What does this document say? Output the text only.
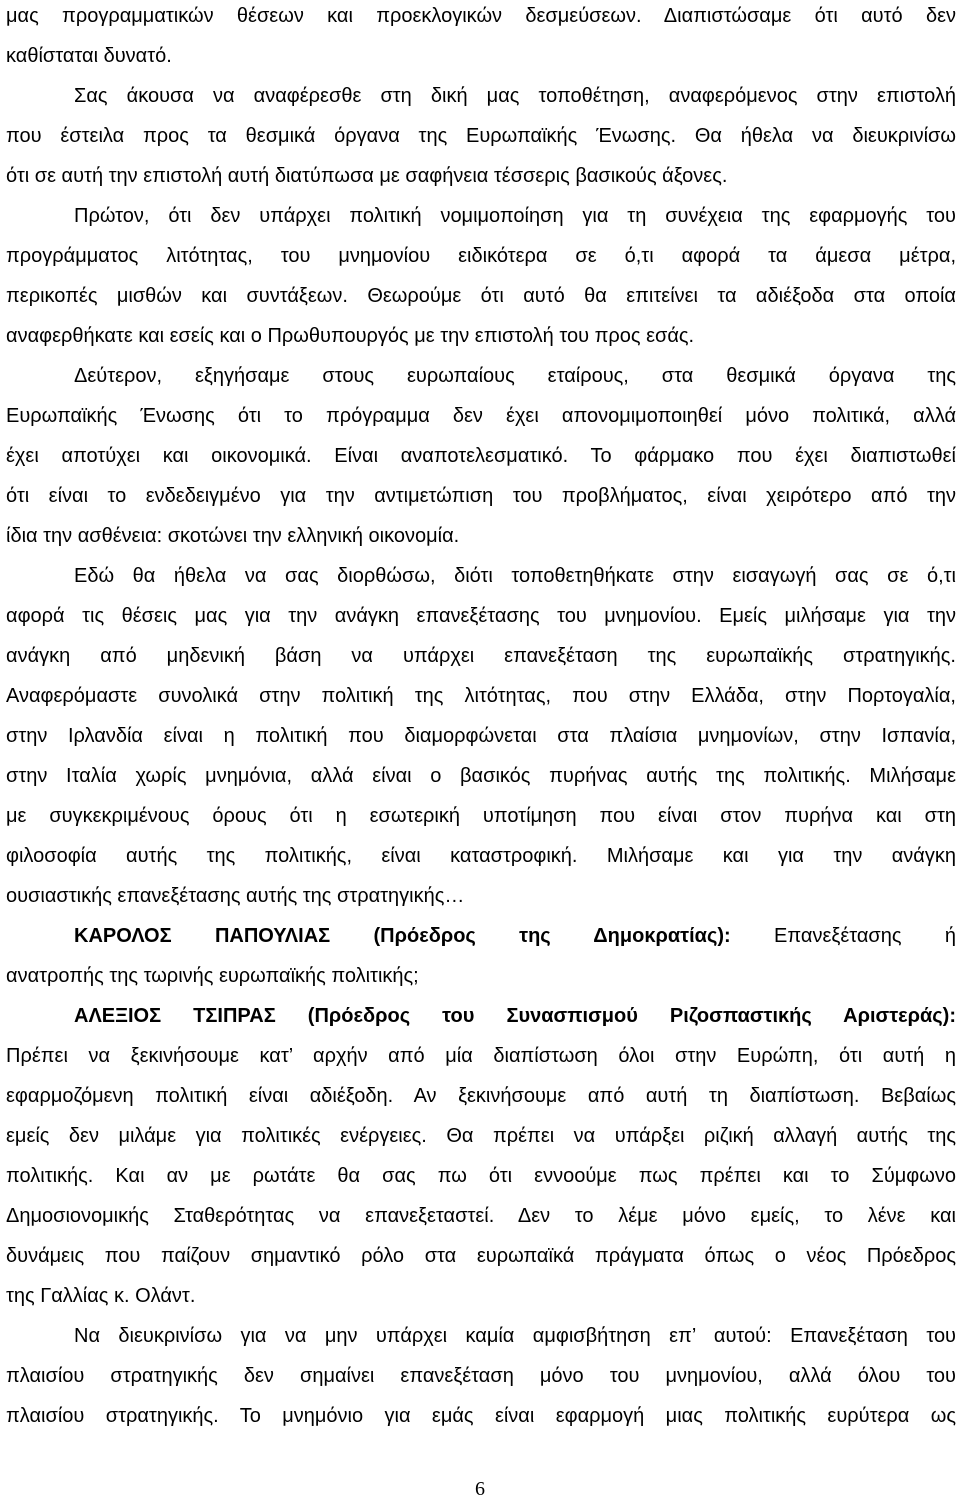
μας προγραμματικών θέσεων και προεκλογικών δεσμεύσεων. Διαπιστώσαμε ότι αυτό δεν
καθίσταται δυνατό.
Σας άκουσα να αναφέρεσθε στη δική μας τοποθέτηση, αναφερόμενος στην επιστολή
που έστειλα προς τα θεσμικά όργανα της Ευρωπαϊκής Ένωσης. Θα ήθελα να διευκρινίσω
ότι σε αυτή την επιστολή αυτή διατύπωσα με σαφήνεια τέσσερις βασικούς άξονες.
Πρώτον, ότι δεν υπάρχει πολιτική νομιμοποίηση για τη συνέχεια της εφαρμογής του
προγράμματος λιτότητας, του μνημονίου ειδικότερα σε ό,τι αφορά τα άμεσα μέτρα,
περικοπές μισθών και συντάξεων. Θεωρούμε ότι αυτό θα επιτείνει τα αδιέξοδα στα οποία
αναφερθήκατε και εσείς και ο Πρωθυπουργός με την επιστολή του προς εσάς.
Δεύτερον, εξηγήσαμε στους ευρωπαίους εταίρους, στα θεσμικά όργανα της
Ευρωπαϊκής Ένωσης ότι το πρόγραμμα δεν έχει απονομιμοποιηθεί μόνο πολιτικά, αλλά
έχει αποτύχει και οικονομικά. Είναι αναποτελεσματικό. Το φάρμακο που έχει διαπιστωθεί
ότι είναι το ενδεδειγμένο για την αντιμετώπιση του προβλήματος, είναι χειρότερο από την
ίδια την ασθένεια: σκοτώνει την ελληνική οικονομία.
Εδώ θα ήθελα να σας διορθώσω, διότι τοποθετηθήκατε στην εισαγωγή σας σε ό,τι
αφορά τις θέσεις μας για την ανάγκη επανεξέτασης του μνημονίου. Εμείς μιλήσαμε για την
ανάγκη από μηδενική βάση να υπάρχει επανεξέταση της ευρωπαϊκής στρατηγικής.
Αναφερόμαστε συνολικά στην πολιτική της λιτότητας, που στην Ελλάδα, στην Πορτογαλία,
στην Ιρλανδία είναι η πολιτική που διαμορφώνεται στα πλαίσια μνημονίων, στην Ισπανία,
στην Ιταλία χωρίς μνημόνια, αλλά είναι ο βασικός πυρήνας αυτής της πολιτικής. Μιλήσαμε
με συγκεκριμένους όρους ότι η εσωτερική υποτίμηση που είναι στον πυρήνα και στη
φιλοσοφία αυτής της πολιτικής, είναι καταστροφική. Μιλήσαμε και για την ανάγκη
ουσιαστικής επανεξέτασης αυτής της στρατηγικής…
ΚΑΡΟΛΟΣ ΠΑΠΟΥΛΙΑΣ (Πρόεδρος της Δημοκρατίας): Επανεξέτασης ή
ανατροπής της τωρινής ευρωπαϊκής πολιτικής;
ΑΛΕΞΙΟΣ ΤΣΙΠΡΑΣ (Πρόεδρος του Συνασπισμού Ριζοσπαστικής Αριστεράς):
Πρέπει να ξεκινήσουμε κατ’ αρχήν από μία διαπίστωση όλοι στην Ευρώπη, ότι αυτή η
εφαρμοζόμενη πολιτική είναι αδιέξοδη. Αν ξεκινήσουμε από αυτή τη διαπίστωση. Βεβαίως
εμείς δεν μιλάμε για πολιτικές ενέργειες. Θα πρέπει να υπάρξει ριζική αλλαγή αυτής της
πολιτικής. Και αν με ρωτάτε θα σας πω ότι εννοούμε πως πρέπει και το Σύμφωνο
Δημοσιονομικής Σταθερότητας να επανεξεταστεί. Δεν το λέμε μόνο εμείς, το λένε και
δυνάμεις που παίζουν σημαντικό ρόλο στα ευρωπαϊκά πράγματα όπως ο νέος Πρόεδρος
της Γαλλίας κ. Ολάντ.
Να διευκρινίσω για να μην υπάρχει καμία αμφισβήτηση επ’ αυτού: Επανεξέταση του
πλαισίου στρατηγικής δεν σημαίνει επανεξέταση μόνο του μνημονίου, αλλά όλου του
πλαισίου στρατηγικής. Το μνημόνιο για εμάς είναι εφαρμογή μιας πολιτικής ευρύτερα ως
6
